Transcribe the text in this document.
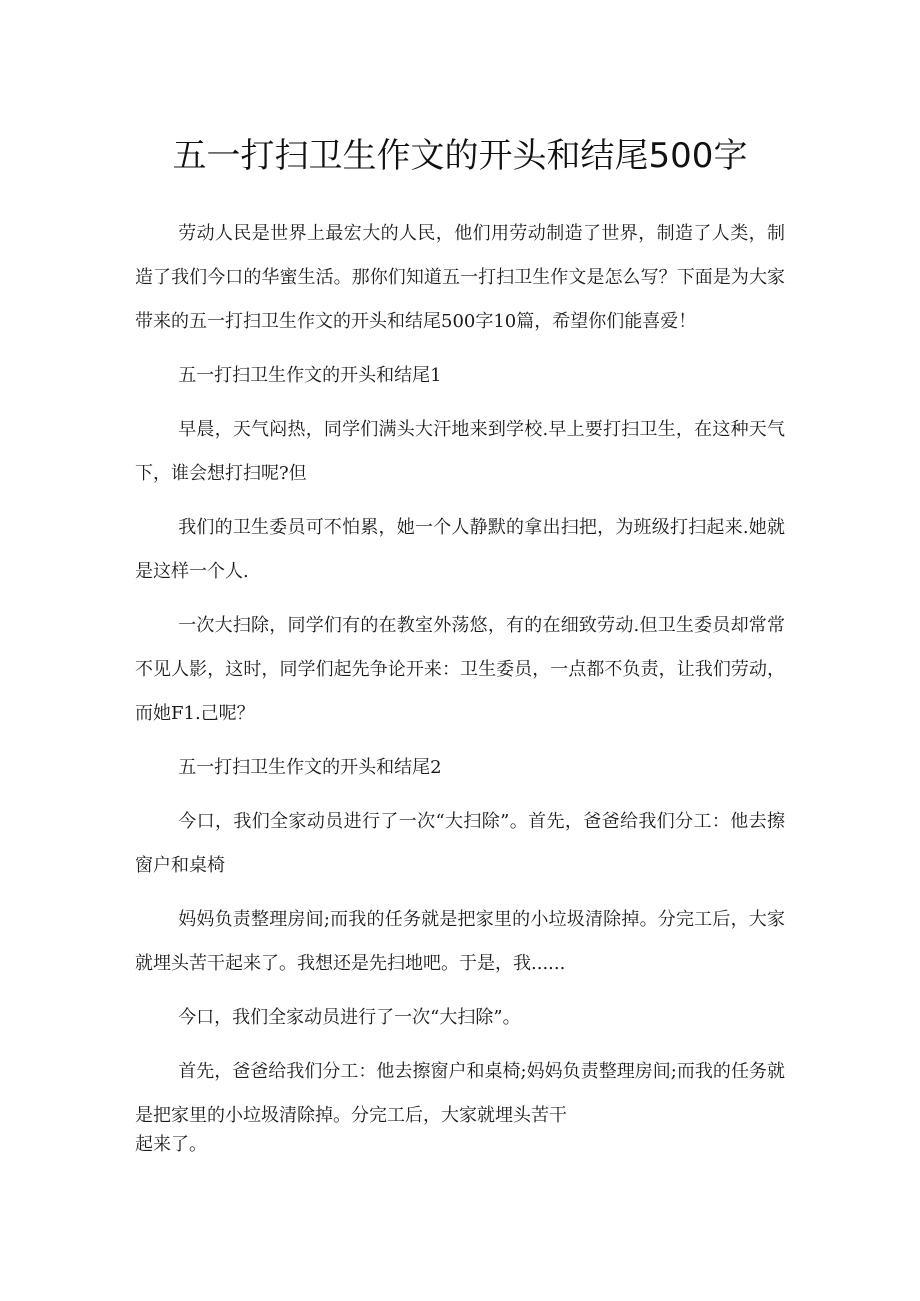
五一打扫卫生作文的开头和结尾500字

劳动人民是世界上最宏大的人民，他们用劳动制造了世界，制造了人类，制造了我们今口的华蜜生活。那你们知道五一打扫卫生作文是怎么写？下面是为大家带来的五一打扫卫生作文的开头和结尾500字10篇，希望你们能喜爱！

五一打扫卫生作文的开头和结尾1

早晨，天气闷热，同学们满头大汗地来到学校.早上要打扫卫生，在这种天气下，谁会想打扫呢?但

我们的卫生委员可不怕累，她一个人静默的拿出扫把，为班级打扫起来.她就是这样一个人.

一次大扫除，同学们有的在教室外荡悠，有的在细致劳动.但卫生委员却常常不见人影，这时，同学们起先争论开来：卫生委员，一点都不负责，让我们劳动，而她F1.己呢？

五一打扫卫生作文的开头和结尾2

今口，我们全家动员进行了一次“大扫除”。首先，爸爸给我们分工：他去擦窗户和桌椅

妈妈负责整理房间;而我的任务就是把家里的小垃圾清除掉。分完工后，大家就埋头苦干起来了。我想还是先扫地吧。于是，我......

今口，我们全家动员进行了一次“大扫除”。

首先，爸爸给我们分工：他去擦窗户和桌椅;妈妈负责整理房间;而我的任务就是把家里的小垃圾清除掉。分完工后，大家就埋头苦干

起来了。
